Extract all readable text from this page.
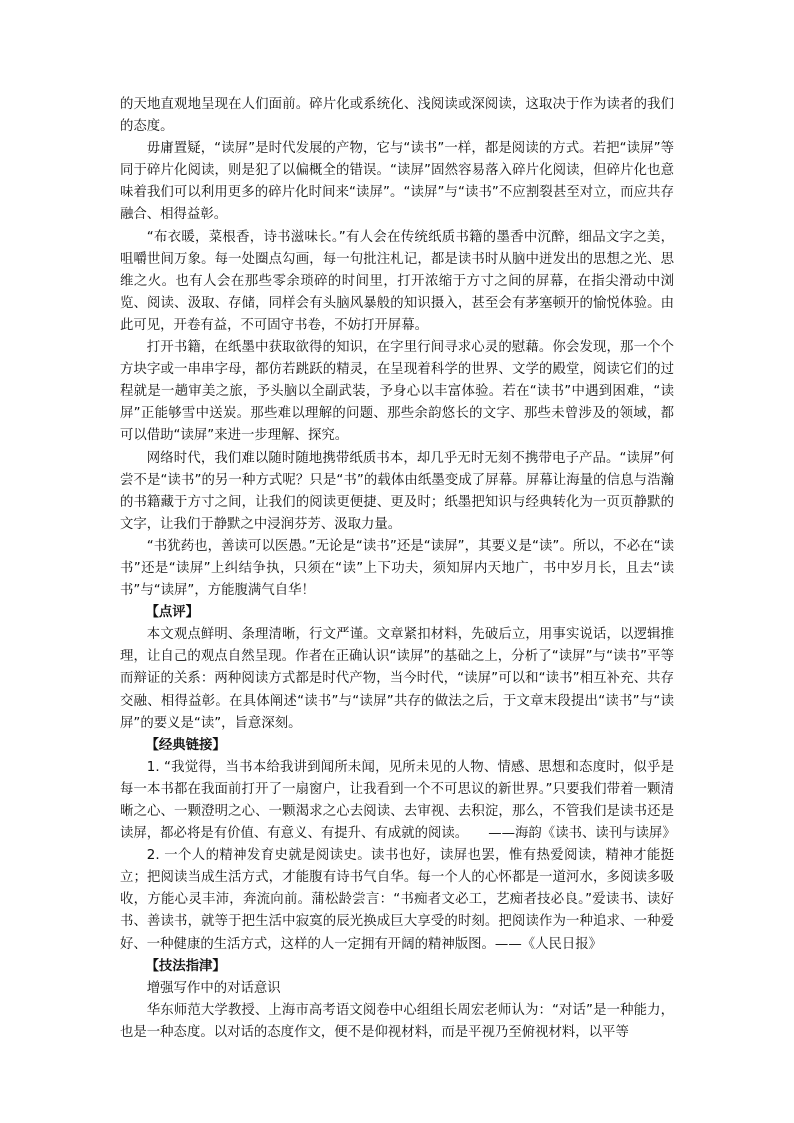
的天地直观地呈现在人们面前。碎片化或系统化、浅阅读或深阅读，这取决于作为读者的我们的态度。

毋庸置疑，“读屏”是时代发展的产物，它与“读书”一样，都是阅读的方式。若把“读屏”等同于碎片化阅读，则是犯了以偏概全的错误。“读屏”固然容易落入碎片化阅读，但碎片化也意味着我们可以利用更多的碎片化时间来“读屏”。“读屏”与“读书”不应割裂甚至对立，而应共存融合、相得益彰。

“布衣暖，菜根香，诗书滋味长。”有人会在传统纸质书籍的墨香中沉醉，细品文字之美，咀嚼世间万象。每一处圈点勾画，每一句批注札记，都是读书时从脑中迸发出的思想之光、思维之火。也有人会在那些零余琐碎的时间里，打开浓缩于方寸之间的屏幕，在指尖滑动中浏览、阅读、汲取、存储，同样会有头脑风暴般的知识摄入，甚至会有茅塞顿开的愉悦体验。由此可见，开卷有益，不可固守书卷，不妨打开屏幕。

打开书籍，在纸墨中获取欲得的知识，在字里行间寻求心灵的慰藉。你会发现，那一个个方块字或一串串字母，都仿若跳跃的精灵，在呈现着科学的世界、文学的殿堂，阅读它们的过程就是一趟审美之旅，予头脑以全副武装，予身心以丰富体验。若在“读书”中遇到困难，“读屏”正能够雪中送炭。那些难以理解的问题、那些余韵悠长的文字、那些未曾涉及的领域，都可以借助“读屏”来进一步理解、探究。

网络时代，我们难以随时随地携带纸质书本，却几乎无时无刻不携带电子产品。“读屏”何尝不是“读书”的另一种方式呢？只是“书”的载体由纸墨变成了屏幕。屏幕让海量的信息与浩瀚的书籍藏于方寸之间，让我们的阅读更便捷、更及时；纸墨把知识与经典转化为一页页静默的文字，让我们于静默之中浸润芬芳、汲取力量。

“书犹药也，善读可以医愚。”无论是“读书”还是“读屏”，其要义是“读”。所以，不必在“读书”还是“读屏”上纠结争执，只须在“读”上下功夫，须知屏内天地广，书中岁月长，且去“读书”与“读屏”，方能腹满气自华！

【点评】

本文观点鲜明、条理清晰，行文严谨。文章紧扣材料，先破后立，用事实说话，以逻辑推理，让自己的观点自然呈现。作者在正确认识“读屏”的基础之上，分析了“读屏”与“读书”平等而辩证的关系：两种阅读方式都是时代产物，当今时代，“读屏”可以和“读书”相互补充、共存交融、相得益彰。在具体阐述“读书”与“读屏”共存的做法之后，于文章末段提出“读书”与“读屏”的要义是“读”，旨意深刻。

【经典链接】

1. “我觉得，当书本给我讲到闻所未闻，见所未见的人物、情感、思想和态度时，似乎是每一本书都在我面前打开了一扇窗户，让我看到一个不可思议的新世界。”只要我们带着一颗清晰之心、一颗澄明之心、一颗渴求之心去阅读、去审视、去积淀，那么，不管我们是读书还是读屏，都必将是有价值、有意义、有提升、有成就的阅读。　　——海韵《读书、读刊与读屏》

2. 一个人的精神发育史就是阅读史。读书也好，读屏也罢，惟有热爱阅读，精神才能挺立；把阅读当成生活方式，才能腹有诗书气自华。每一个人的心怀都是一道河水，多阅读多吸收，方能心灵丰沛，奔流向前。蒲松龄尝言：“书痴者文必工，艺痴者技必良。”爱读书、读好书、善读书，就等于把生活中寂寞的辰光换成巨大享受的时刻。把阅读作为一种追求、一种爱好、一种健康的生活方式，这样的人一定拥有开阔的精神版图。——《人民日报》

【技法指津】

增强写作中的对话意识

华东师范大学教授、上海市高考语文阅卷中心组组长周宏老师认为：“对话”是一种能力，也是一种态度。以对话的态度作文，便不是仰视材料，而是平视乃至俯视材料，以平等
